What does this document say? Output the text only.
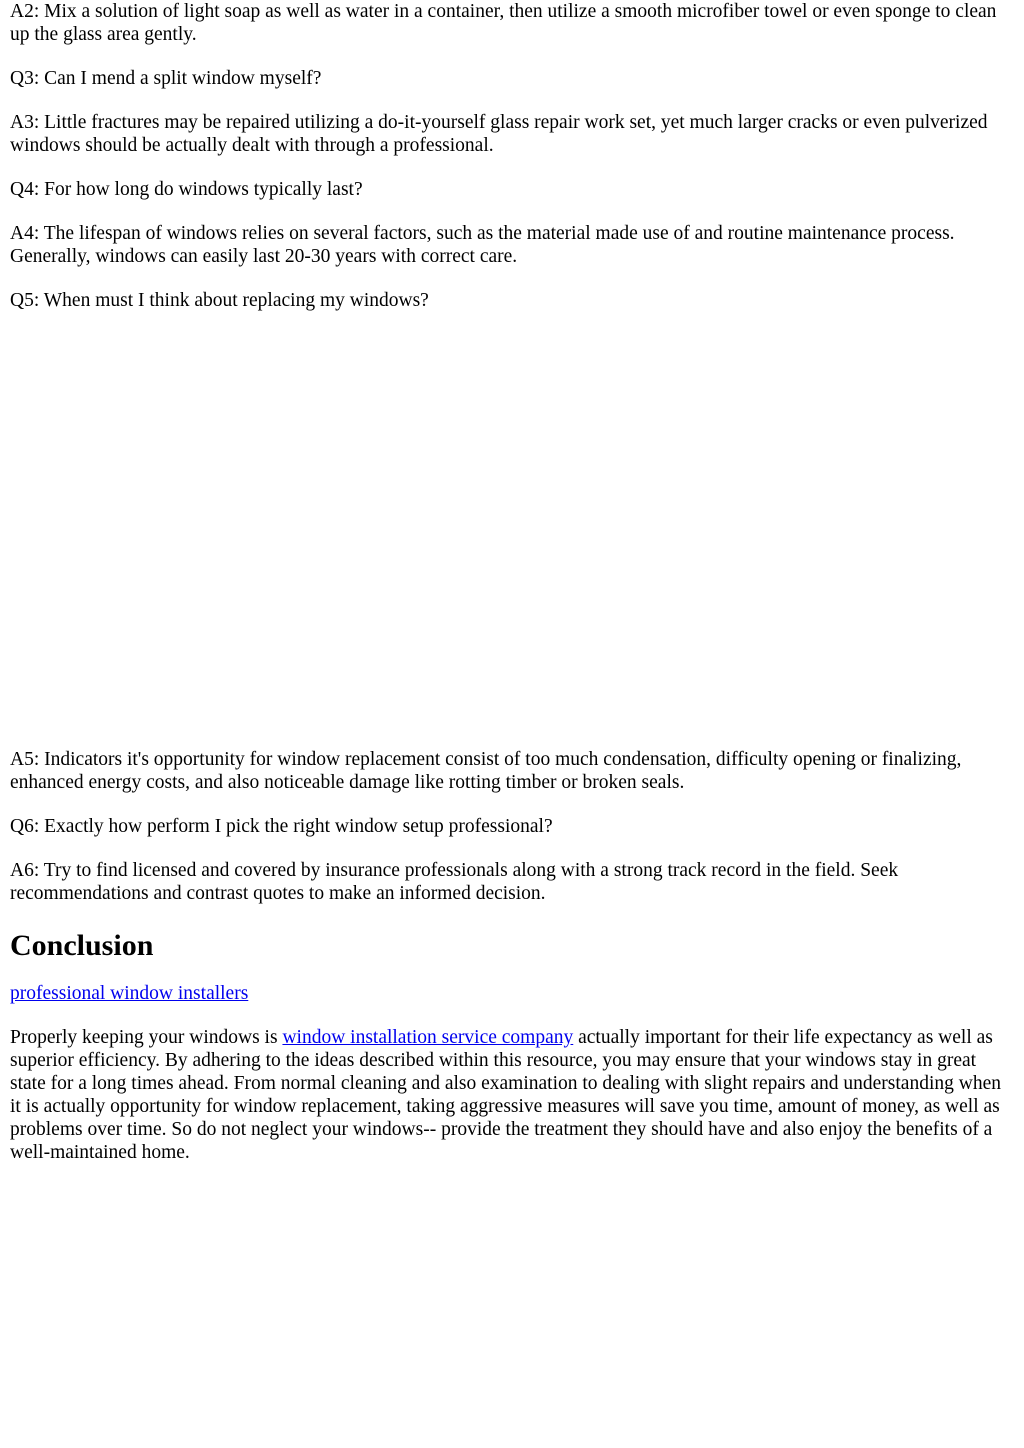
A2: Mix a solution of light soap as well as water in a container, then utilize a smooth microfiber towel or even sponge to clean up the glass area gently.

Q3: Can I mend a split window myself?

A3: Little fractures may be repaired utilizing a do-it-yourself glass repair work set, yet much larger cracks or even pulverized windows should be actually dealt with through a professional.

Q4: For how long do windows typically last?

A4: The lifespan of windows relies on several factors, such as the material made use of and routine maintenance process. Generally, windows can easily last 20-30 years with correct care.

Q5: When must I think about replacing my windows?

A5: Indicators it's opportunity for window replacement consist of too much condensation, difficulty opening or finalizing, enhanced energy costs, and also noticeable damage like rotting timber or broken seals.

Q6: Exactly how perform I pick the right window setup professional?

A6: Try to find licensed and covered by insurance professionals along with a strong track record in the field. Seek recommendations and contrast quotes to make an informed decision.

Conclusion

professional window installers

Properly keeping your windows is window installation service company actually important for their life expectancy as well as superior efficiency. By adhering to the ideas described within this resource, you may ensure that your windows stay in great state for a long times ahead. From normal cleaning and also examination to dealing with slight repairs and understanding when it is actually opportunity for window replacement, taking aggressive measures will save you time, amount of money, as well as problems over time. So do not neglect your windows-- provide the treatment they should have and also enjoy the benefits of a well-maintained home.
